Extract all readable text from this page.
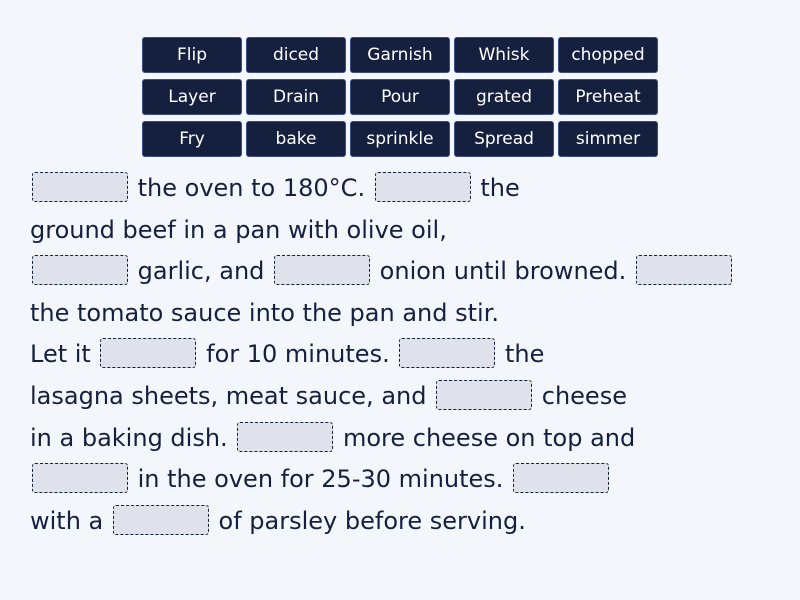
Flip	diced	Garnish	Whisk	chopped
Layer	Drain	Pour	grated	Preheat
Fry	bake	sprinkle	Spread	simmer
the oven to 180°C.	the
ground beef in a pan with olive oil,
garlic, and	onion until browned.
the tomato sauce into the pan and stir.
Let it	for 10 minutes.	the
lasagna sheets, meat sauce, and	cheese
in a baking dish.	more cheese on top and
in the oven for 25-30 minutes.
with a	of parsley before serving.
